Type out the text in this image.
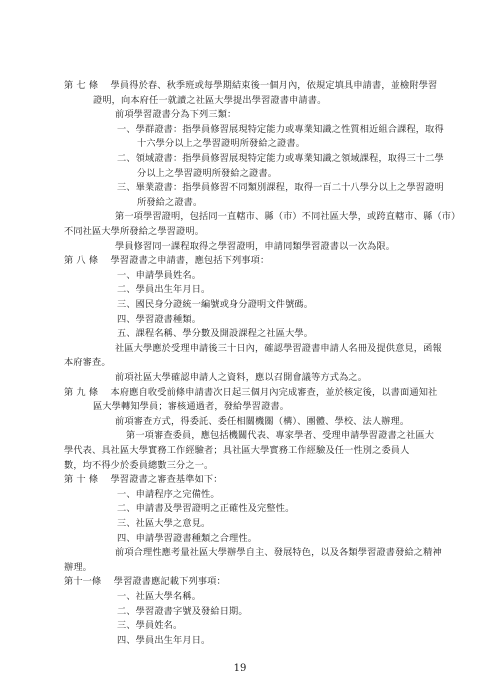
第 七 條　 學員得於春、秋季班或每學期結束後一個月內，依規定填具申請書，並檢附學習
證明，向本府任一就讀之社區大學提出學習證書申請書。
前項學習證書分為下列三類：
一、學群證書：指學員修習展現特定能力或專業知識之性質相近組合課程，取得
十六學分以上之學習證明所發給之證書。
二、領域證書：指學員修習展現特定能力或專業知識之領域課程，取得三十二學
分以上之學習證明所發給之證書。
三、畢業證書：指學員修習不同類別課程，取得一百二十八學分以上之學習證明
所發給之證書。
第一項學習證明，包括同一直轄市、縣（市）不同社區大學，或跨直轄市、縣（市）
不同社區大學所發給之學習證明。
學員修習同一課程取得之學習證明，申請同類學習證書以一次為限。
第 八 條　 學習證書之申請書，應包括下列事項：
一、申請學員姓名。
二、學員出生年月日。
三、國民身分證統一編號或身分證明文件號碼。
四、學習證書種類。
五、課程名稱、學分數及開設課程之社區大學。
社區大學應於受理申請後三十日內，確認學習證書申請人名冊及提供意見，函報
本府審查。
前項社區大學確認申請人之資料，應以召開會議等方式為之。
第 九 條　 本府應自收受前條申請書次日起三個月內完成審查，並於核定後，以書面通知社
區大學轉知學員；審核通過者，發給學習證書。
前項審查方式，得委託、委任相關機關（構）、團體、學校、法人辦理。
第一項審查委員，應包括機關代表、專家學者、受理申請學習證書之社區大
學代表、具社區大學實務工作經驗者；具社區大學實務工作經驗及任一性別之委員人
數，均不得少於委員總數三分之一。
第 十 條　 學習證書之審查基準如下：
一、申請程序之完備性。
二、申請書及學習證明之正確性及完整性。
三、社區大學之意見。
四、申請學習證書種類之合理性。
前項合理性應考量社區大學辦學自主、發展特色，以及各類學習證書發給之精神
辦理。
第十一條　 學習證書應記載下列事項：
一、社區大學名稱。
二、學習證書字號及發給日期。
三、學員姓名。
四、學員出生年月日。
19
